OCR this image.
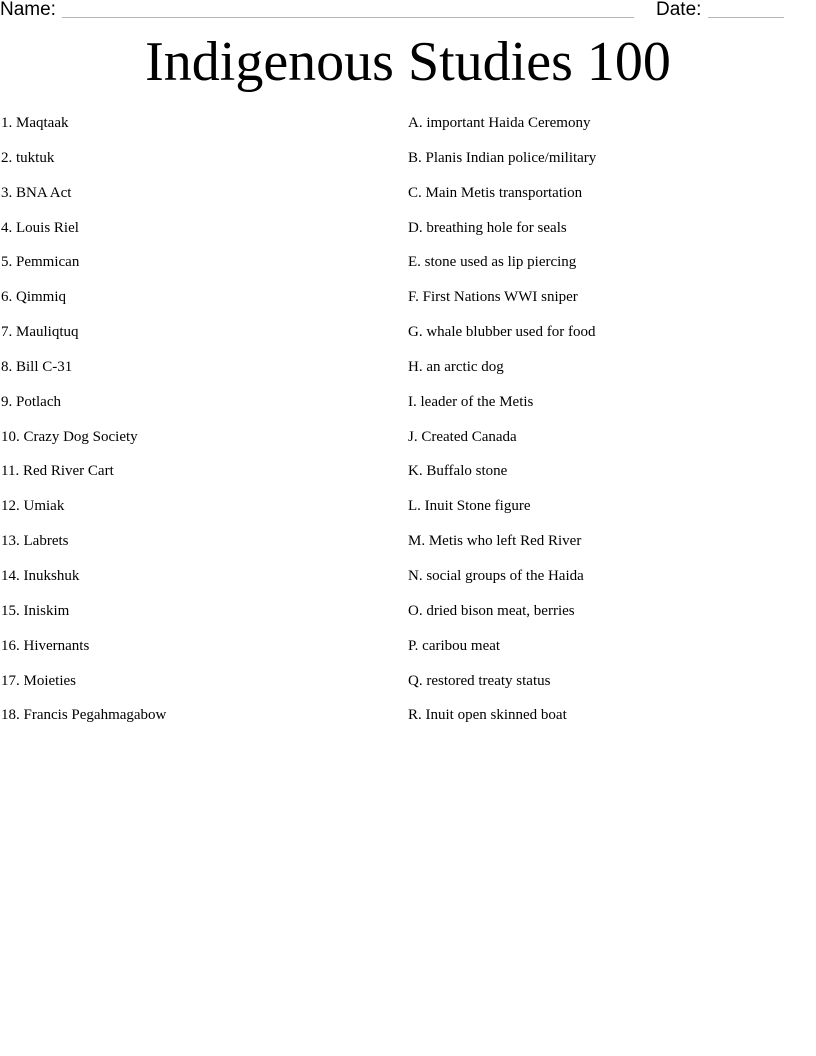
Name:	Date:
Indigenous Studies 100
1. Maqtaak
2. tuktuk
3. BNA Act
4. Louis Riel
5. Pemmican
6. Qimmiq
7. Mauliqtuq
8. Bill C-31
9. Potlach
10. Crazy Dog Society
11. Red River Cart
12. Umiak
13. Labrets
14. Inukshuk
15. Iniskim
16. Hivernants
17. Moieties
18. Francis Pegahmagabow
A. important Haida Ceremony
B. Planis Indian police/military
C. Main Metis transportation
D. breathing hole for seals
E. stone used as lip piercing
F. First Nations WWI sniper
G. whale blubber used for food
H. an arctic dog
I. leader of the Metis
J. Created Canada
K. Buffalo stone
L. Inuit Stone figure
M. Metis who left Red River
N. social groups of the Haida
O. dried bison meat, berries
P. caribou meat
Q. restored treaty status
R. Inuit open skinned boat
